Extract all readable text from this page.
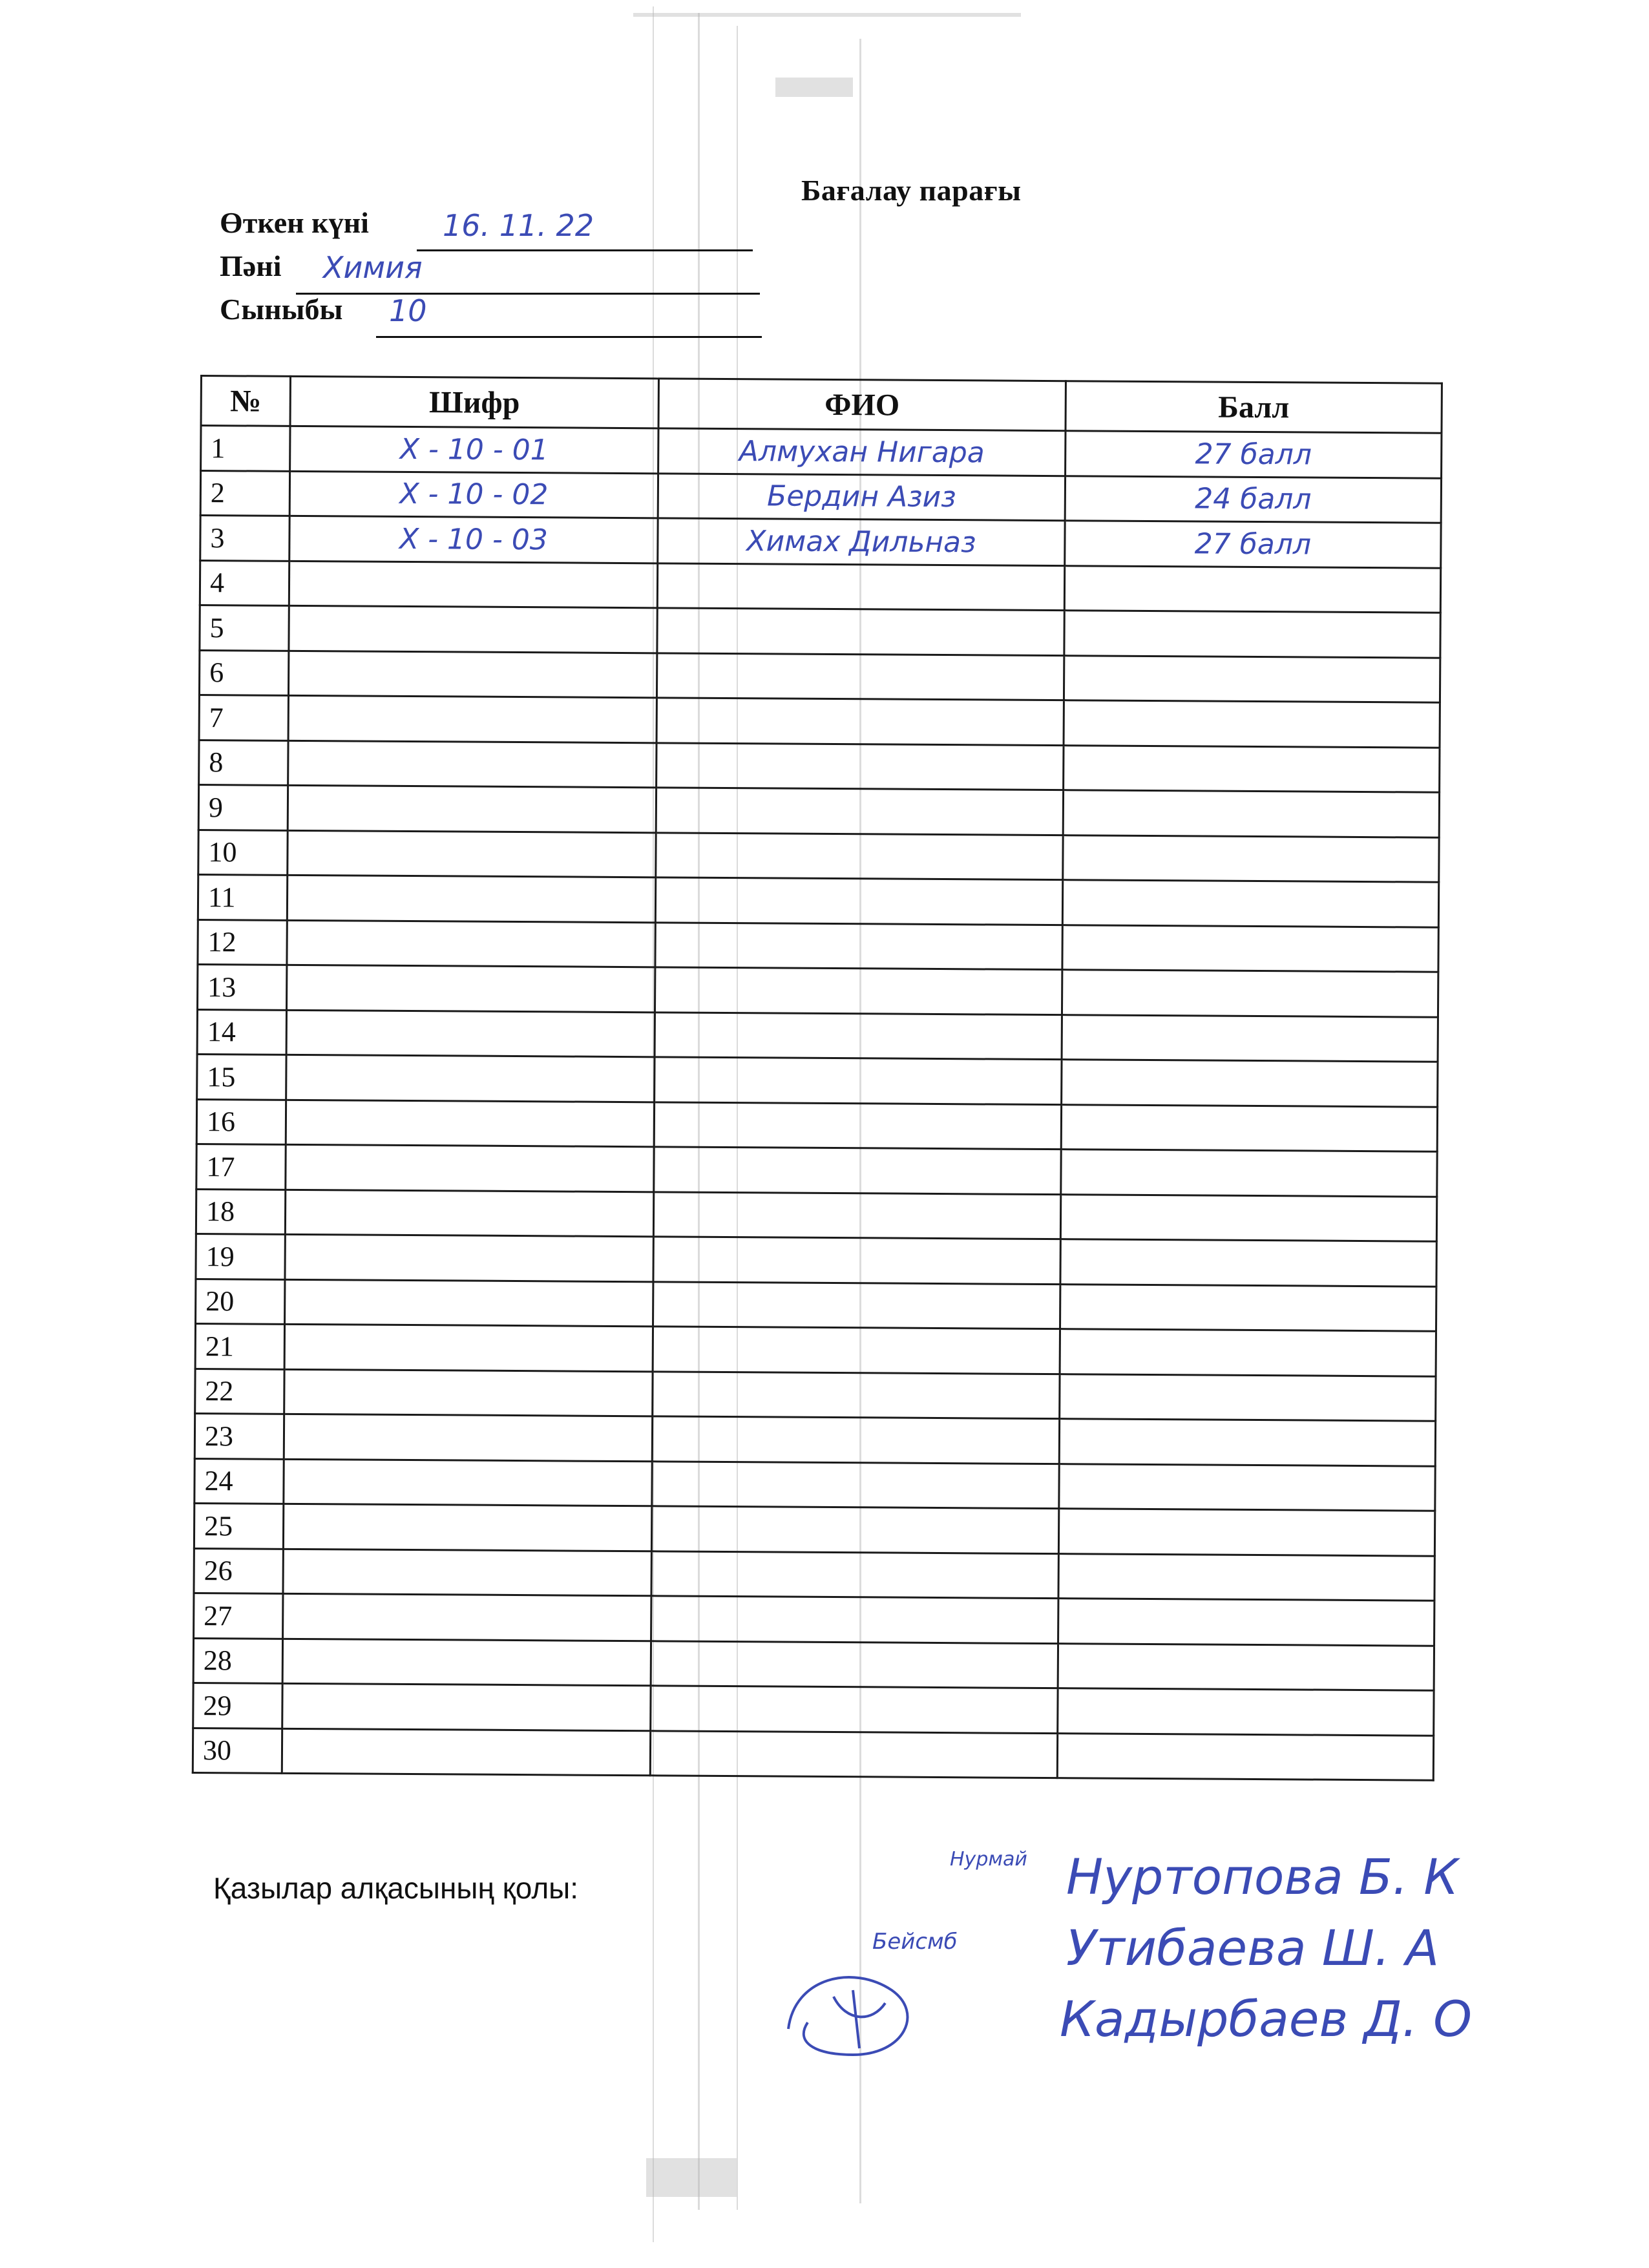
Бағалау парағы
Өткен күні 16. 11. 22
Пәні Химия
Сыныбы 10
№	Шифр	ФИО	Балл
1	Х - 10 - 01	Алмухан Нигара	27 балл
2	Х - 10 - 02	Бердин Азиз	24 балл
3	Х - 10 - 03	Химах Дильназ	27 балл
4			
5			
6			
7			
8			
9			
10			
11			
12			
13			
14			
15			
16			
17			
18			
19			
20			
21			
22			
23			
24			
25			
26			
27			
28			
29			
30			
Қазылар алқасының қолы:
Нурмай
Бейсмб
Нуртопова Б. К
Утибаева Ш. А
Кадырбаев Д. О
